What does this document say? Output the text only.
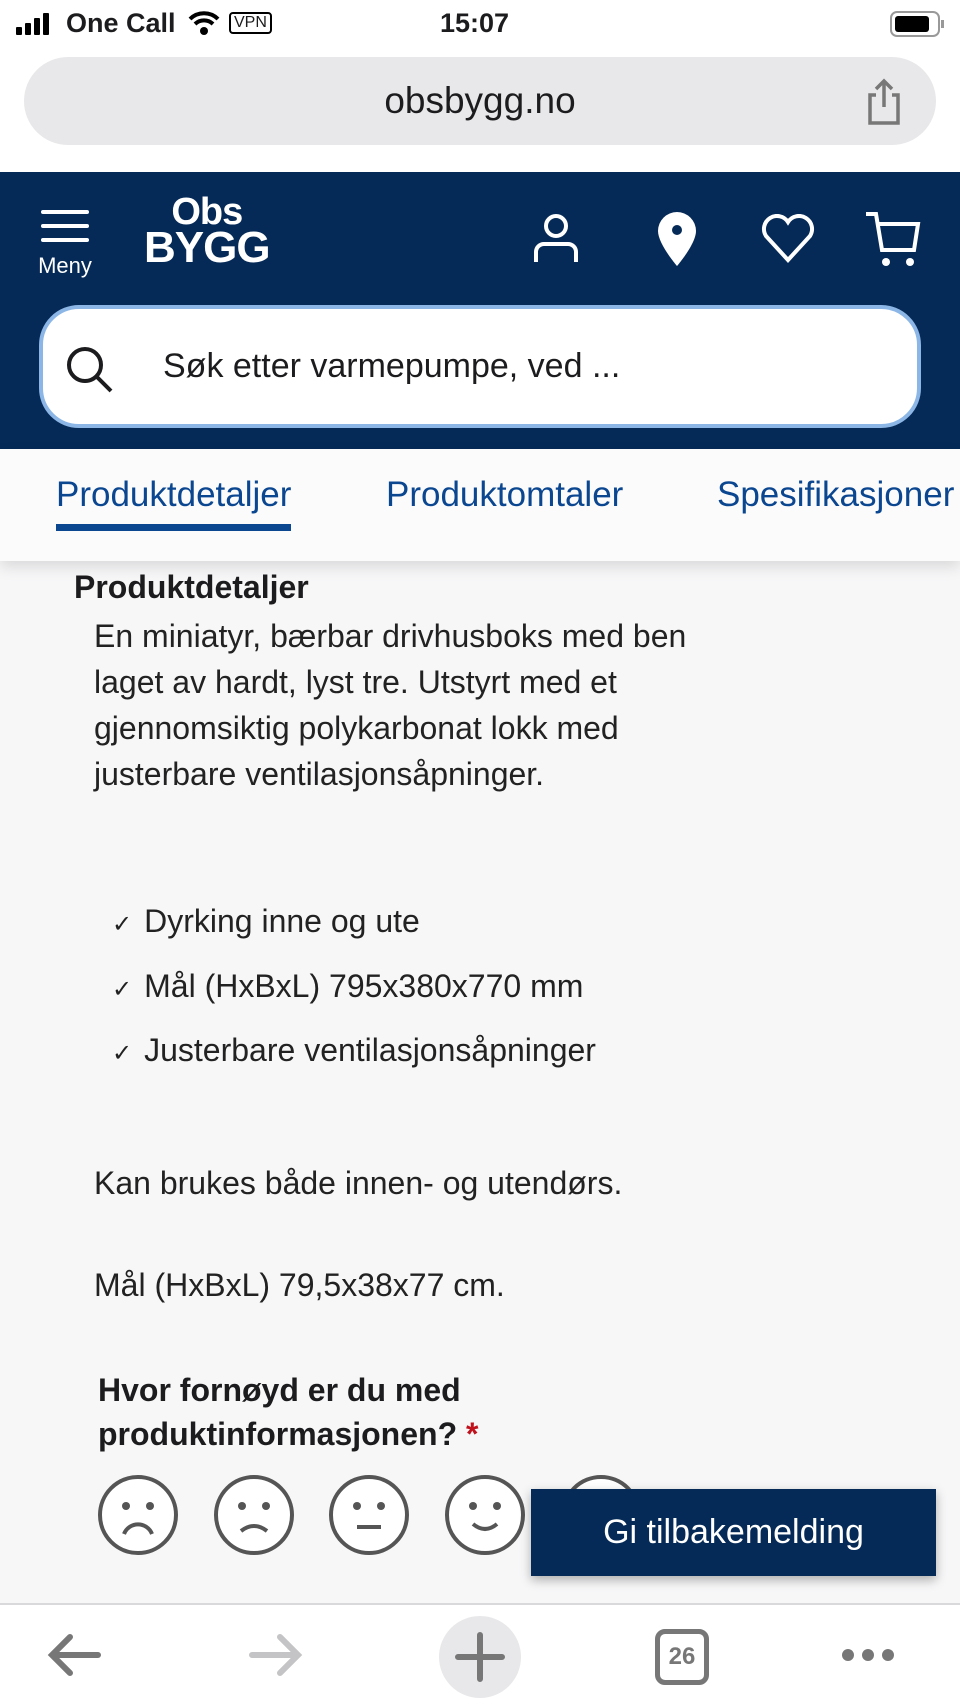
One Call	VPN	15:07
obsbygg.no
Meny
Obs
BYGG
Søk etter varmepumpe, ved ...
Produktdetaljer	Produktomtaler	Spesifikasjoner
Produktdetaljer
En miniatyr, bærbar drivhusboks med ben
laget av hardt, lyst tre. Utstyrt med et
gjennomsiktig polykarbonat lokk med
justerbare ventilasjonsåpninger.
✓ Dyrking inne og ute
✓ Mål (HxBxL) 795x380x770 mm
✓ Justerbare ventilasjonsåpninger
Kan brukes både innen- og utendørs.
Mål (HxBxL) 79,5x38x77 cm.
Hvor fornøyd er du med
produktinformasjonen? *
Gi tilbakemelding
26
